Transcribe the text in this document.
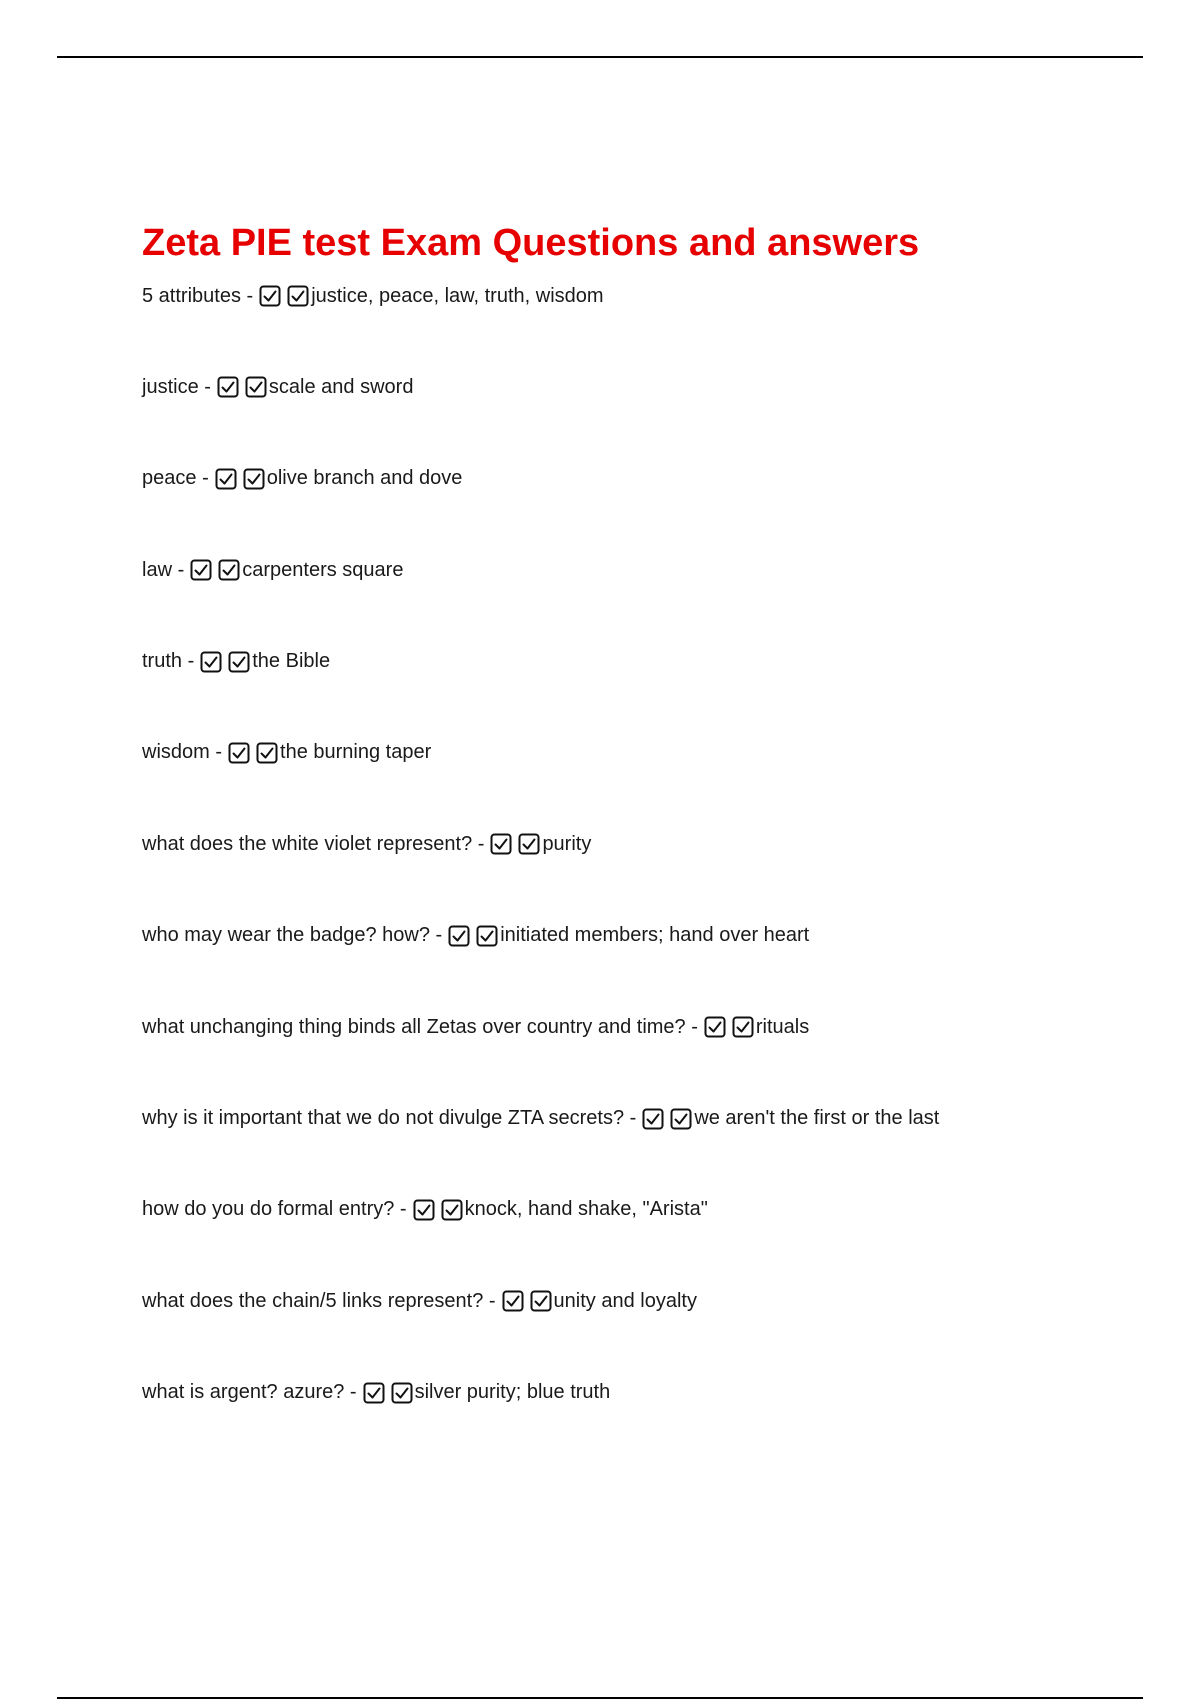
Zeta PIE test Exam Questions and answers
5 attributes -	justice, peace, law, truth, wisdom
justice -	scale and sword
peace -	olive branch and dove
law -	carpenters square
truth -	the Bible
wisdom -	the burning taper
what does the white violet represent? -	purity
who may wear the badge? how? -	initiated members; hand over heart
what unchanging thing binds all Zetas over country and time? -	rituals
why is it important that we do not divulge ZTA secrets? -	we aren't the first or the last
how do you do formal entry? -	knock, hand shake, "Arista"
what does the chain/5 links represent? -	unity and loyalty
what is argent? azure? -	silver purity; blue truth
